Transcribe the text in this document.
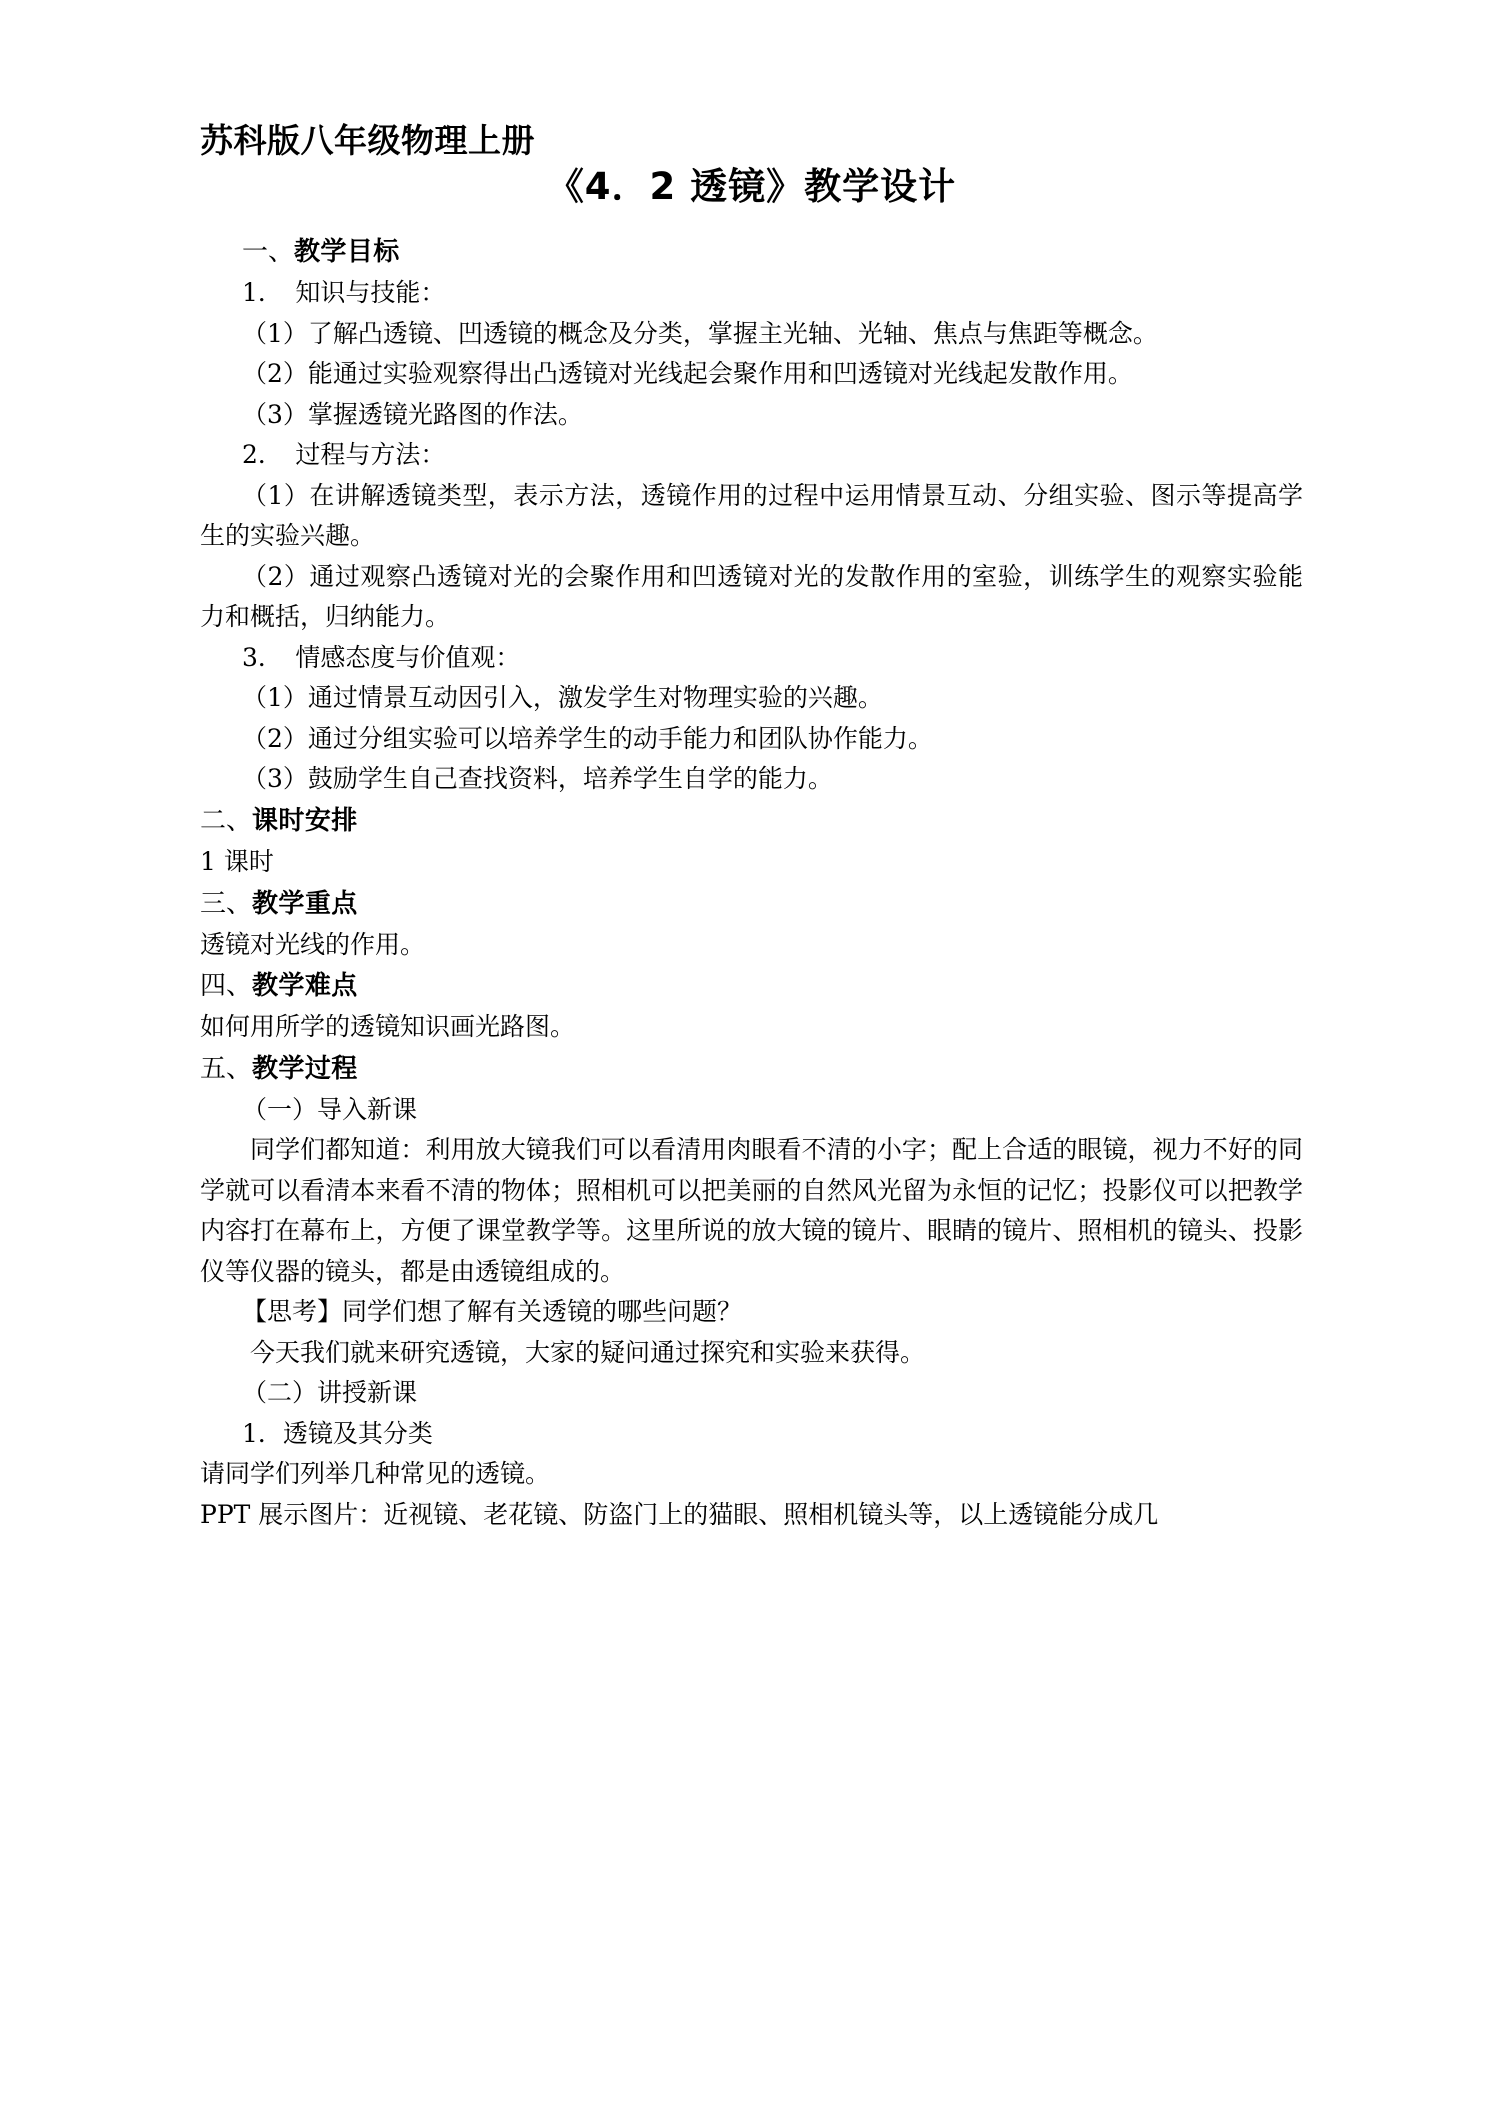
苏科版八年级物理上册
《4．2 透镜》教学设计
一、教学目标

1．　知识与技能：

（1）了解凸透镜、凹透镜的概念及分类，掌握主光轴、光轴、焦点与焦距等概念。

（2）能通过实验观察得出凸透镜对光线起会聚作用和凹透镜对光线起发散作用。

（3）掌握透镜光路图的作法。

2．　过程与方法：

（1）在讲解透镜类型，表示方法，透镜作用的过程中运用情景互动、分组实验、图示等提高学生的实验兴趣。

（2）通过观察凸透镜对光的会聚作用和凹透镜对光的发散作用的室验，训练学生的观察实验能力和概括，归纳能力。

3．　情感态度与价值观：

（1）通过情景互动因引入，激发学生对物理实验的兴趣。

（2）通过分组实验可以培养学生的动手能力和团队协作能力。

（3）鼓励学生自己查找资料，培养学生自学的能力。

二、课时安排

1 课时

三、教学重点

透镜对光线的作用。

四、教学难点

如何用所学的透镜知识画光路图。

五、教学过程

（一）导入新课

同学们都知道：利用放大镜我们可以看清用肉眼看不清的小字；配上合适的眼镜，视力不好的同学就可以看清本来看不清的物体；照相机可以把美丽的自然风光留为永恒的记忆；投影仪可以把教学内容打在幕布上，方便了课堂教学等。这里所说的放大镜的镜片、眼睛的镜片、照相机的镜头、投影仪等仪器的镜头，都是由透镜组成的。

【思考】同学们想了解有关透镜的哪些问题？

今天我们就来研究透镜，大家的疑问通过探究和实验来获得。

（二）讲授新课

1．透镜及其分类

请同学们列举几种常见的透镜。

PPT 展示图片：近视镜、老花镜、防盗门上的猫眼、照相机镜头等，以上透镜能分成几
